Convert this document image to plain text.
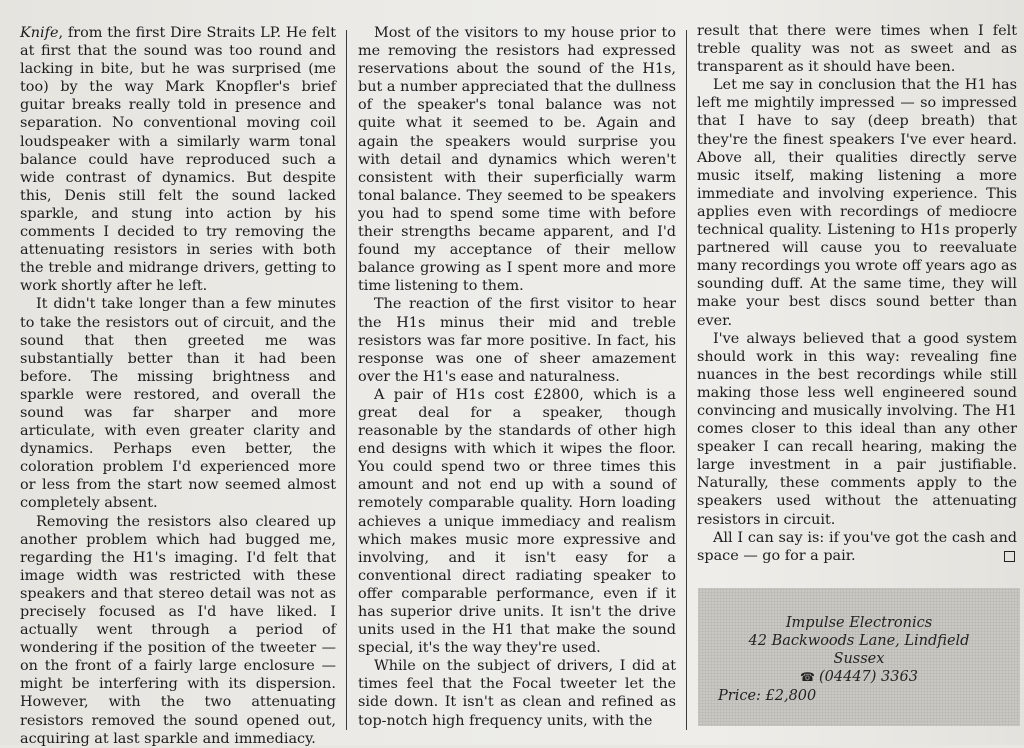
Knife, from the first Dire Straits LP. He felt at first that the sound was too round and lacking in bite, but he was surprised (me too) by the way Mark Knopfler's brief guitar breaks really told in presence and separation. No conventional moving coil loudspeaker with a similarly warm tonal balance could have reproduced such a wide contrast of dynamics. But despite this, Denis still felt the sound lacked sparkle, and stung into action by his comments I decided to try removing the attenuating resistors in series with both the treble and midrange drivers, getting to work shortly after he left.

It didn't take longer than a few minutes to take the resistors out of circuit, and the sound that then greeted me was substantially better than it had been before. The missing brightness and sparkle were restored, and overall the sound was far sharper and more articulate, with even greater clarity and dynamics. Perhaps even better, the coloration problem I'd experienced more or less from the start now seemed almost completely absent.

Removing the resistors also cleared up another problem which had bugged me, regarding the H1's imaging. I'd felt that image width was restricted with these speakers and that stereo detail was not as precisely focused as I'd have liked. I actually went through a period of wondering if the position of the tweeter — on the front of a fairly large enclosure — might be interfering with its dispersion. However, with the two attenuating resistors removed the sound opened out, acquiring at last sparkle and immediacy.

Most of the visitors to my house prior to me removing the resistors had expressed reservations about the sound of the H1s, but a number appreciated that the dullness of the speaker's tonal balance was not quite what it seemed to be. Again and again the speakers would surprise you with detail and dynamics which weren't consistent with their superficially warm tonal balance. They seemed to be speakers you had to spend some time with before their strengths became apparent, and I'd found my acceptance of their mellow balance growing as I spent more and more time listening to them.

The reaction of the first visitor to hear the H1s minus their mid and treble resistors was far more positive. In fact, his response was one of sheer amazement over the H1's ease and naturalness.

A pair of H1s cost £2800, which is a great deal for a speaker, though reasonable by the standards of other high end designs with which it wipes the floor. You could spend two or three times this amount and not end up with a sound of remotely comparable quality. Horn loading achieves a unique immediacy and realism which makes music more expressive and involving, and it isn't easy for a conventional direct radiating speaker to offer comparable performance, even if it has superior drive units. It isn't the drive units used in the H1 that make the sound special, it's the way they're used.

While on the subject of drivers, I did at times feel that the Focal tweeter let the side down. It isn't as clean and refined as top-notch high frequency units, with the

result that there were times when I felt treble quality was not as sweet and as transparent as it should have been.

Let me say in conclusion that the H1 has left me mightily impressed — so impressed that I have to say (deep breath) that they're the finest speakers I've ever heard. Above all, their qualities directly serve music itself, making listening a more immediate and involving experience. This applies even with recordings of mediocre technical quality. Listening to H1s properly partnered will cause you to reevaluate many recordings you wrote off years ago as sounding duff. At the same time, they will make your best discs sound better than ever.

I've always believed that a good system should work in this way: revealing fine nuances in the best recordings while still making those less well engineered sound convincing and musically involving. The H1 comes closer to this ideal than any other speaker I can recall hearing, making the large investment in a pair justifiable. Naturally, these comments apply to the speakers used without the attenuating resistors in circuit.

All I can say is: if you've got the cash and space — go for a pair.

Impulse Electronics
42 Backwoods Lane, Lindfield
Sussex
☎ (04447) 3363
Price: £2,800
